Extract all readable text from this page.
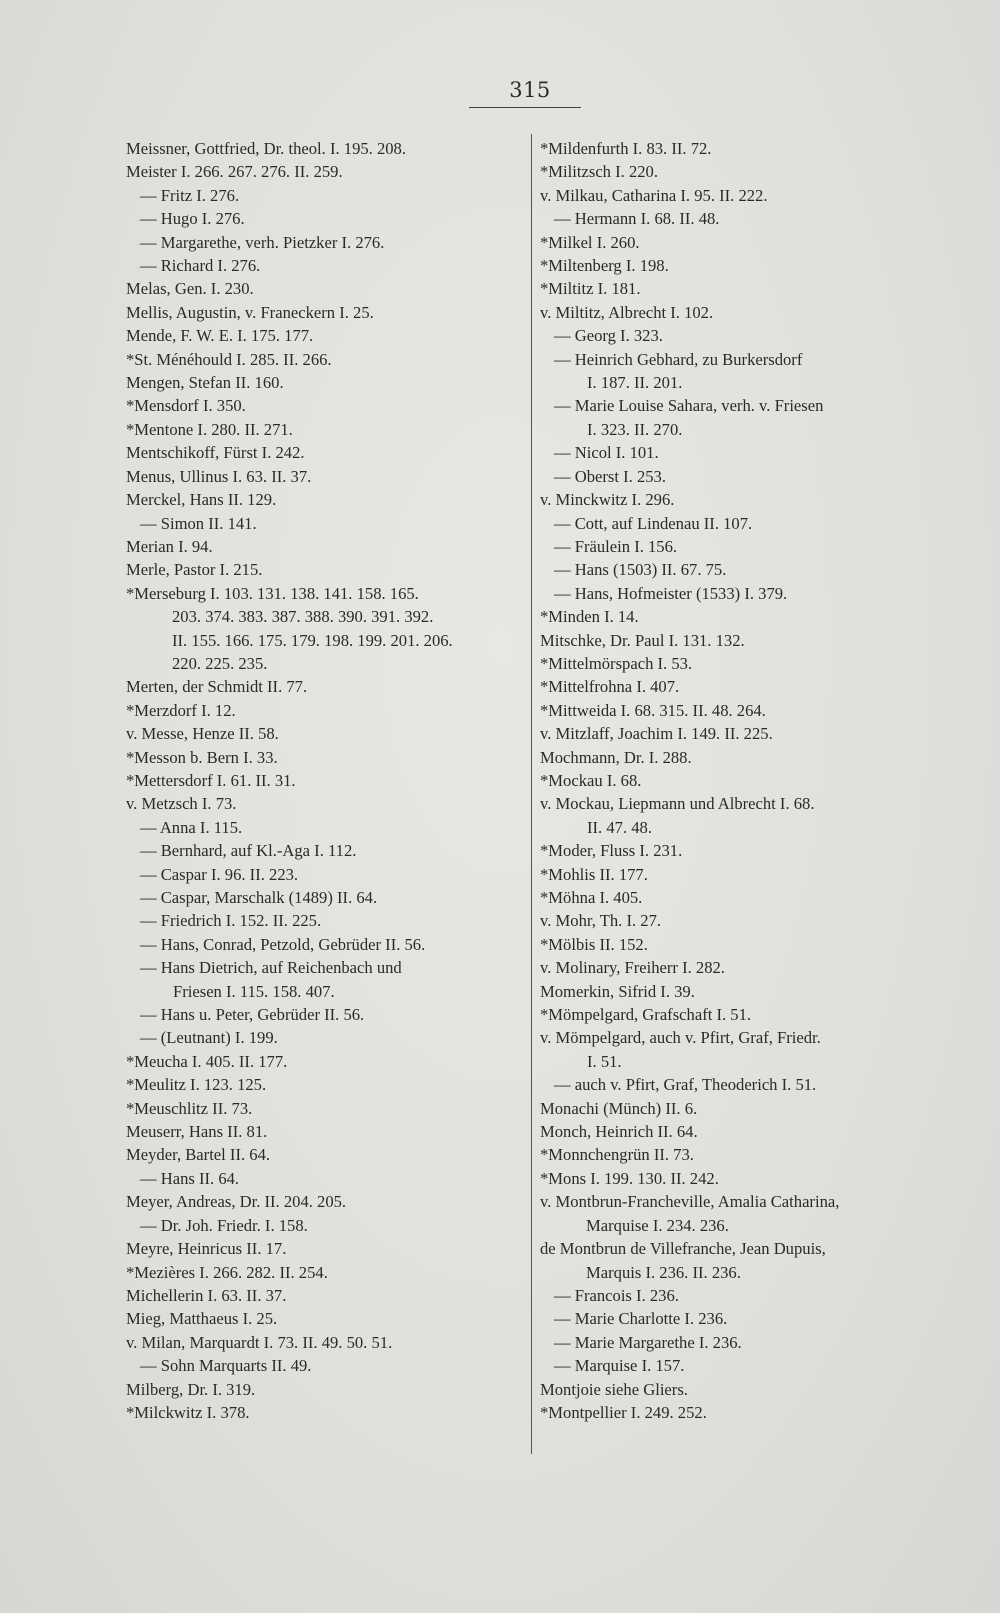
315
Meissner, Gottfried, Dr. theol. I. 195. 208.
Meister I. 266. 267. 276. II. 259.
— Fritz I. 276.
— Hugo I. 276.
— Margarethe, verh. Pietzker I. 276.
— Richard I. 276.
Melas, Gen. I. 230.
Mellis, Augustin, v. Franeckern I. 25.
Mende, F. W. E. I. 175. 177.
*St. Ménéhould I. 285. II. 266.
Mengen, Stefan II. 160.
*Mensdorf I. 350.
*Mentone I. 280. II. 271.
Mentschikoff, Fürst I. 242.
Menus, Ullinus I. 63. II. 37.
Merckel, Hans II. 129.
— Simon II. 141.
Merian I. 94.
Merle, Pastor I. 215.
*Merseburg I. 103. 131. 138. 141. 158. 165.
203. 374. 383. 387. 388. 390. 391. 392.
II. 155. 166. 175. 179. 198. 199. 201. 206.
220. 225. 235.
Merten, der Schmidt II. 77.
*Merzdorf I. 12.
v. Messe, Henze II. 58.
*Messon b. Bern I. 33.
*Mettersdorf I. 61. II. 31.
v. Metzsch I. 73.
— Anna I. 115.
— Bernhard, auf Kl.-Aga I. 112.
— Caspar I. 96. II. 223.
— Caspar, Marschalk (1489) II. 64.
— Friedrich I. 152. II. 225.
— Hans, Conrad, Petzold, Gebrüder II. 56.
— Hans Dietrich, auf Reichenbach und
Friesen I. 115. 158. 407.
— Hans u. Peter, Gebrüder II. 56.
— (Leutnant) I. 199.
*Meucha I. 405. II. 177.
*Meulitz I. 123. 125.
*Meuschlitz II. 73.
Meuserr, Hans II. 81.
Meyder, Bartel II. 64.
— Hans II. 64.
Meyer, Andreas, Dr. II. 204. 205.
— Dr. Joh. Friedr. I. 158.
Meyre, Heinricus II. 17.
*Mezières I. 266. 282. II. 254.
Michellerin I. 63. II. 37.
Mieg, Matthaeus I. 25.
v. Milan, Marquardt I. 73. II. 49. 50. 51.
— Sohn Marquarts II. 49.
Milberg, Dr. I. 319.
*Milckwitz I. 378.
*Mildenfurth I. 83. II. 72.
*Militzsch I. 220.
v. Milkau, Catharina I. 95. II. 222.
— Hermann I. 68. II. 48.
*Milkel I. 260.
*Miltenberg I. 198.
*Miltitz I. 181.
v. Miltitz, Albrecht I. 102.
— Georg I. 323.
— Heinrich Gebhard, zu Burkersdorf
I. 187. II. 201.
— Marie Louise Sahara, verh. v. Friesen
I. 323. II. 270.
— Nicol I. 101.
— Oberst I. 253.
v. Minckwitz I. 296.
— Cott, auf Lindenau II. 107.
— Fräulein I. 156.
— Hans (1503) II. 67. 75.
— Hans, Hofmeister (1533) I. 379.
*Minden I. 14.
Mitschke, Dr. Paul I. 131. 132.
*Mittelmörspach I. 53.
*Mittelfrohna I. 407.
*Mittweida I. 68. 315. II. 48. 264.
v. Mitzlaff, Joachim I. 149. II. 225.
Mochmann, Dr. I. 288.
*Mockau I. 68.
v. Mockau, Liepmann und Albrecht I. 68.
II. 47. 48.
*Moder, Fluss I. 231.
*Mohlis II. 177.
*Möhna I. 405.
v. Mohr, Th. I. 27.
*Mölbis II. 152.
v. Molinary, Freiherr I. 282.
Momerkin, Sifrid I. 39.
*Mömpelgard, Grafschaft I. 51.
v. Mömpelgard, auch v. Pfirt, Graf, Friedr.
I. 51.
— auch v. Pfirt, Graf, Theoderich I. 51.
Monachi (Münch) II. 6.
Monch, Heinrich II. 64.
*Monnchengrün II. 73.
*Mons I. 199. 130. II. 242.
v. Montbrun-Francheville, Amalia Catharina,
Marquise I. 234. 236.
de Montbrun de Villefranche, Jean Dupuis,
Marquis I. 236. II. 236.
— Francois I. 236.
— Marie Charlotte I. 236.
— Marie Margarethe I. 236.
— Marquise I. 157.
Montjoie siehe Gliers.
*Montpellier I. 249. 252.
